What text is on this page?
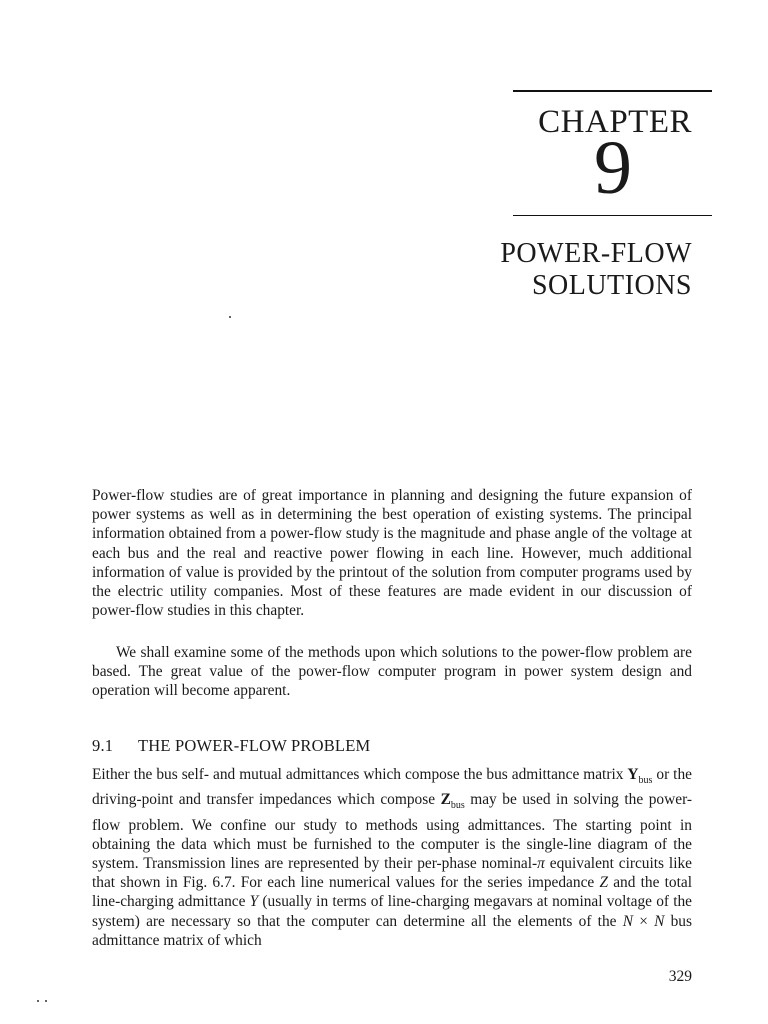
CHAPTER
9
POWER-FLOW
SOLUTIONS

Power-flow studies are of great importance in planning and designing the future expansion of power systems as well as in determining the best operation of existing systems. The principal information obtained from a power-flow study is the magnitude and phase angle of the voltage at each bus and the real and reactive power flowing in each line. However, much additional information of value is provided by the printout of the solution from computer programs used by the electric utility companies. Most of these features are made evident in our discussion of power-flow studies in this chapter.

We shall examine some of the methods upon which solutions to the power-flow problem are based. The great value of the power-flow computer program in power system design and operation will become apparent.

9.1 THE POWER-FLOW PROBLEM

Either the bus self- and mutual admittances which compose the bus admittance matrix $Y_{bus}$ or the driving-point and transfer impedances which compose $Z_{bus}$ may be used in solving the power-flow problem. We confine our study to methods using admittances. The starting point in obtaining the data which must be furnished to the computer is the single-line diagram of the system. Transmission lines are represented by their per-phase nominal-π equivalent circuits like that shown in Fig. 6.7. For each line numerical values for the series impedance Z and the total line-charging admittance Y (usually in terms of line-charging megavars at nominal voltage of the system) are necessary so that the computer can determine all the elements of the N × N bus admittance matrix of which

329
